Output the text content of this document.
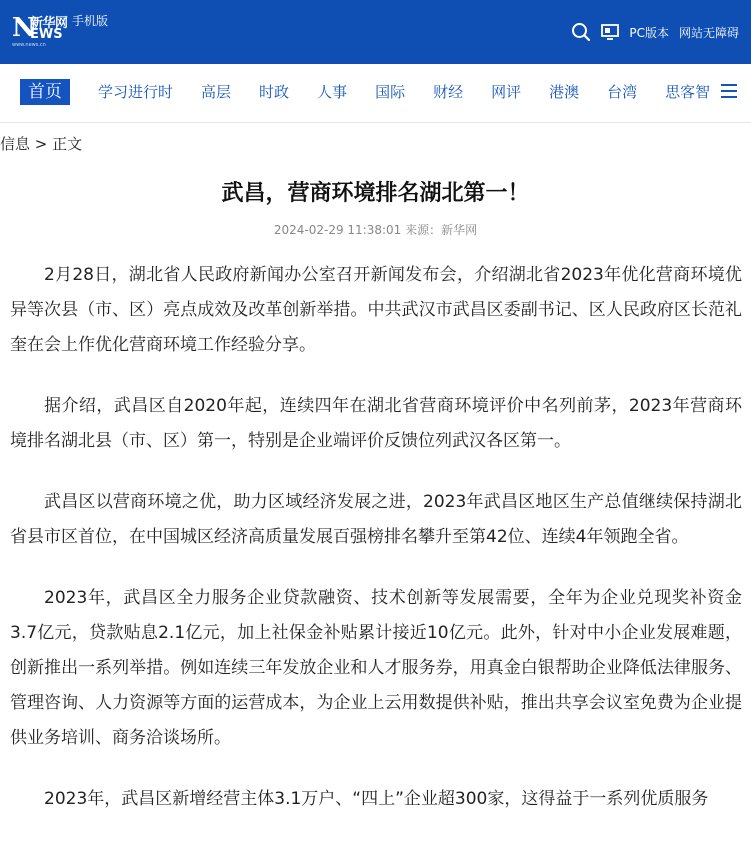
N
新华网
EWS
www.news.cn
手机版
PC版本 网站无障碍
首页	学习进行时 高层 时政 人事 国际 财经 网评 港澳 台湾 思客智
信息 > 正文
武昌，营商环境排名湖北第一！
2024-02-29 11:38:01 来源：新华网

2月28日，湖北省人民政府新闻办公室召开新闻发布会，介绍湖北省2023年优化营商环境优异等次县（市、区）亮点成效及改革创新举措。中共武汉市武昌区委副书记、区人民政府区长范礼奎在会上作优化营商环境工作经验分享。

据介绍，武昌区自2020年起，连续四年在湖北省营商环境评价中名列前茅，2023年营商环境排名湖北县（市、区）第一，特别是企业端评价反馈位列武汉各区第一。

武昌区以营商环境之优，助力区域经济发展之进，2023年武昌区地区生产总值继续保持湖北省县市区首位，在中国城区经济高质量发展百强榜排名攀升至第42位、连续4年领跑全省。

2023年，武昌区全力服务企业贷款融资、技术创新等发展需要，全年为企业兑现奖补资金3.7亿元，贷款贴息2.1亿元，加上社保金补贴累计接近10亿元。此外，针对中小企业发展难题，创新推出一系列举措。例如连续三年发放企业和人才服务券，用真金白银帮助企业降低法律服务、管理咨询、人力资源等方面的运营成本，为企业上云用数提供补贴，推出共享会议室免费为企业提供业务培训、商务洽谈场所。

2023年，武昌区新增经营主体3.1万户、“四上”企业超300家，这得益于一系列优质服务
